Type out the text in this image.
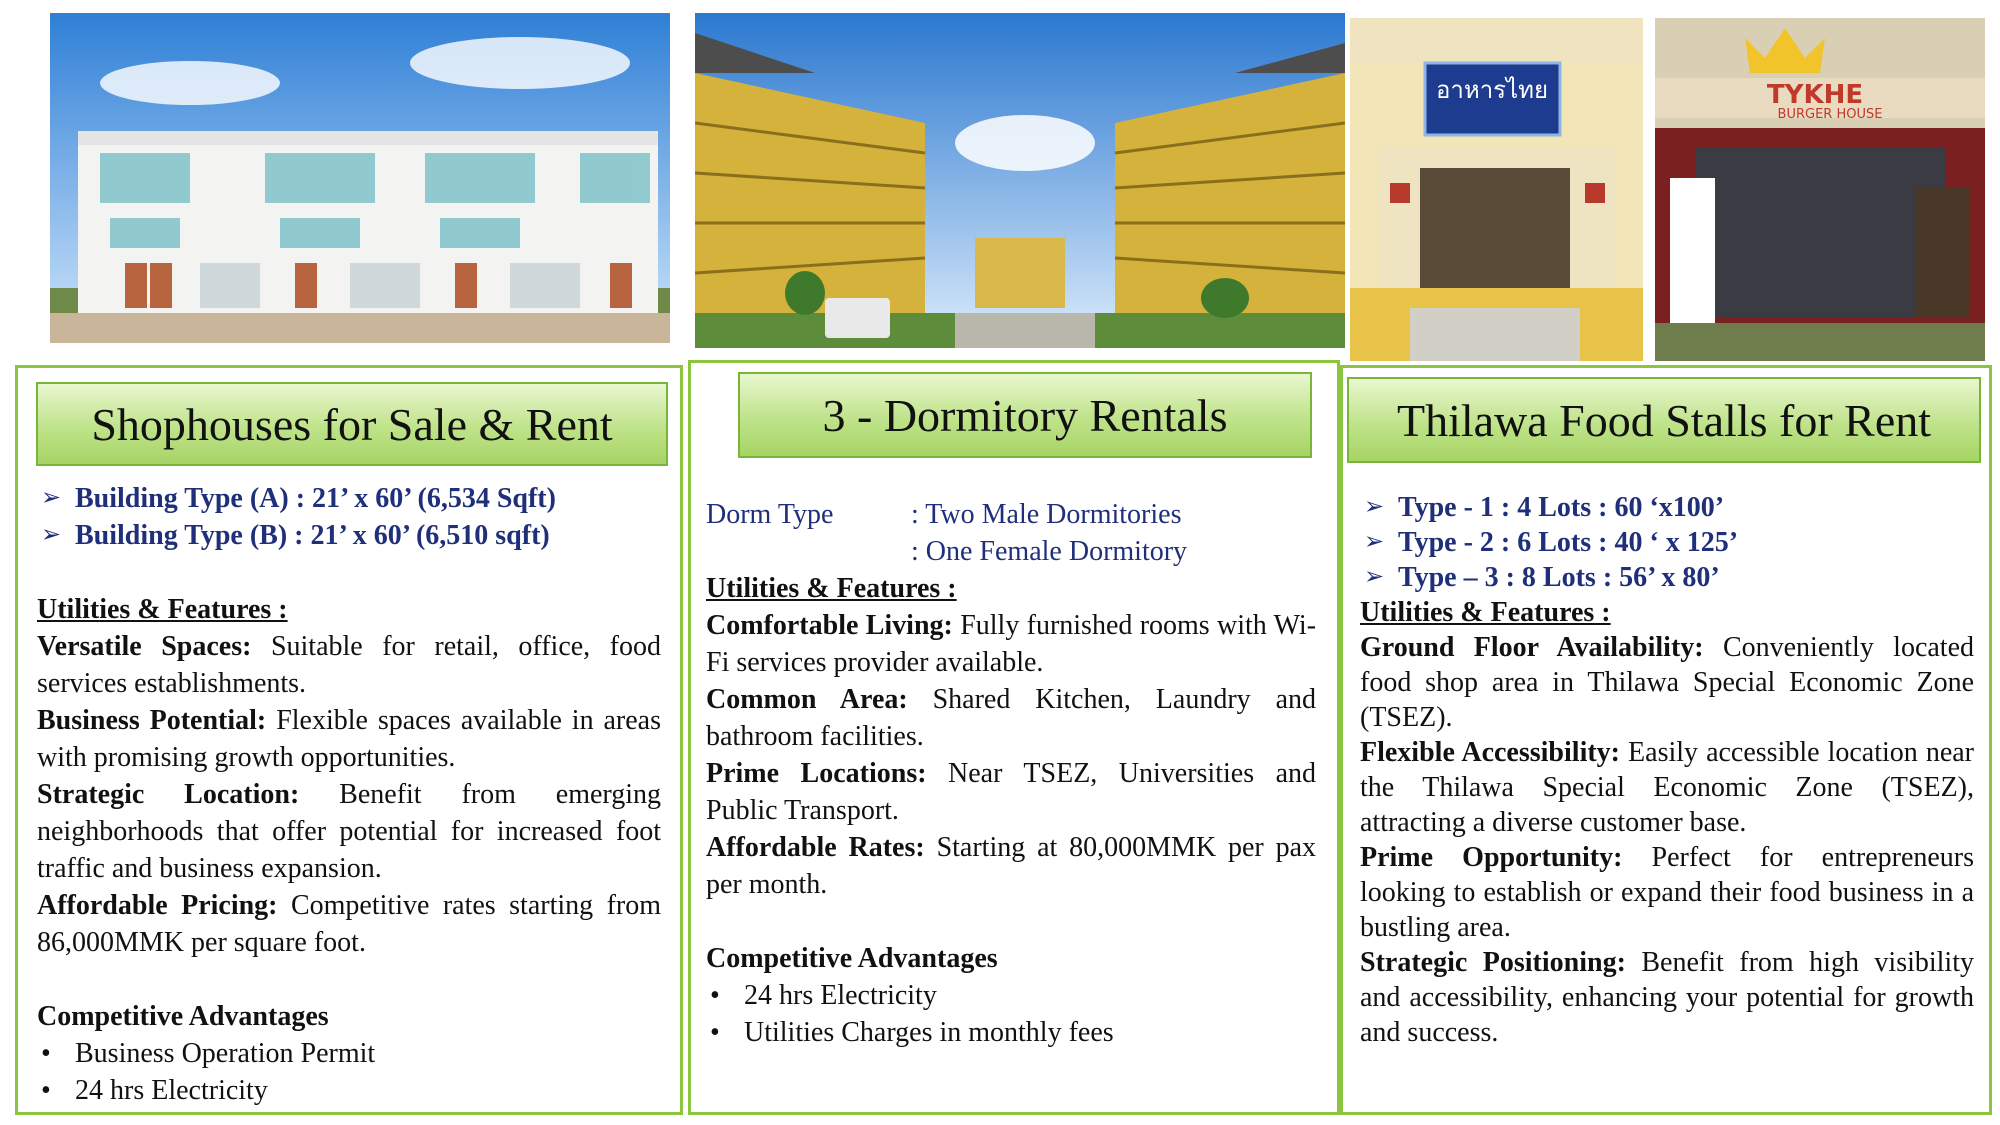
อาหารไทย	TYKHE
BURGER HOUSE
Shophouses for Sale & Rent
➢ Building Type (A) : 21’ x 60’ (6,534 Sqft)
➢ Building Type (B) : 21’ x 60’ (6,510 sqft)
Utilities & Features :

Versatile Spaces: Suitable for retail, office, food services establishments.

Business Potential: Flexible spaces available in areas with promising growth opportunities.

Strategic Location: Benefit from emerging neighborhoods that offer potential for increased foot traffic and business expansion.

Affordable Pricing: Competitive rates starting from 86,000MMK per square foot.

Competitive Advantages
• Business Operation Permit
• 24 hrs Electricity
3 - Dormitory Rentals
Dorm Type	: Two Male Dormitories
: One Female Dormitory
Utilities & Features :

Comfortable Living: Fully furnished rooms with Wi-Fi services provider available.

Common Area: Shared Kitchen, Laundry and bathroom facilities.

Prime Locations: Near TSEZ, Universities and Public Transport.

Affordable Rates: Starting at 80,000MMK per pax per month.

Competitive Advantages
• 24 hrs Electricity
• Utilities Charges in monthly fees
Thilawa Food Stalls for Rent
➢ Type - 1 : 4 Lots : 60 ‘x100’
➢ Type - 2 : 6 Lots : 40 ‘ x 125’
➢ Type – 3 : 8 Lots : 56’ x 80’
Utilities & Features :

Ground Floor Availability: Conveniently located food shop area in Thilawa Special Economic Zone (TSEZ).

Flexible Accessibility: Easily accessible location near the Thilawa Special Economic Zone (TSEZ), attracting a diverse customer base.

Prime Opportunity: Perfect for entrepreneurs looking to establish or expand their food business in a bustling area.

Strategic Positioning: Benefit from high visibility and accessibility, enhancing your potential for growth and success.
